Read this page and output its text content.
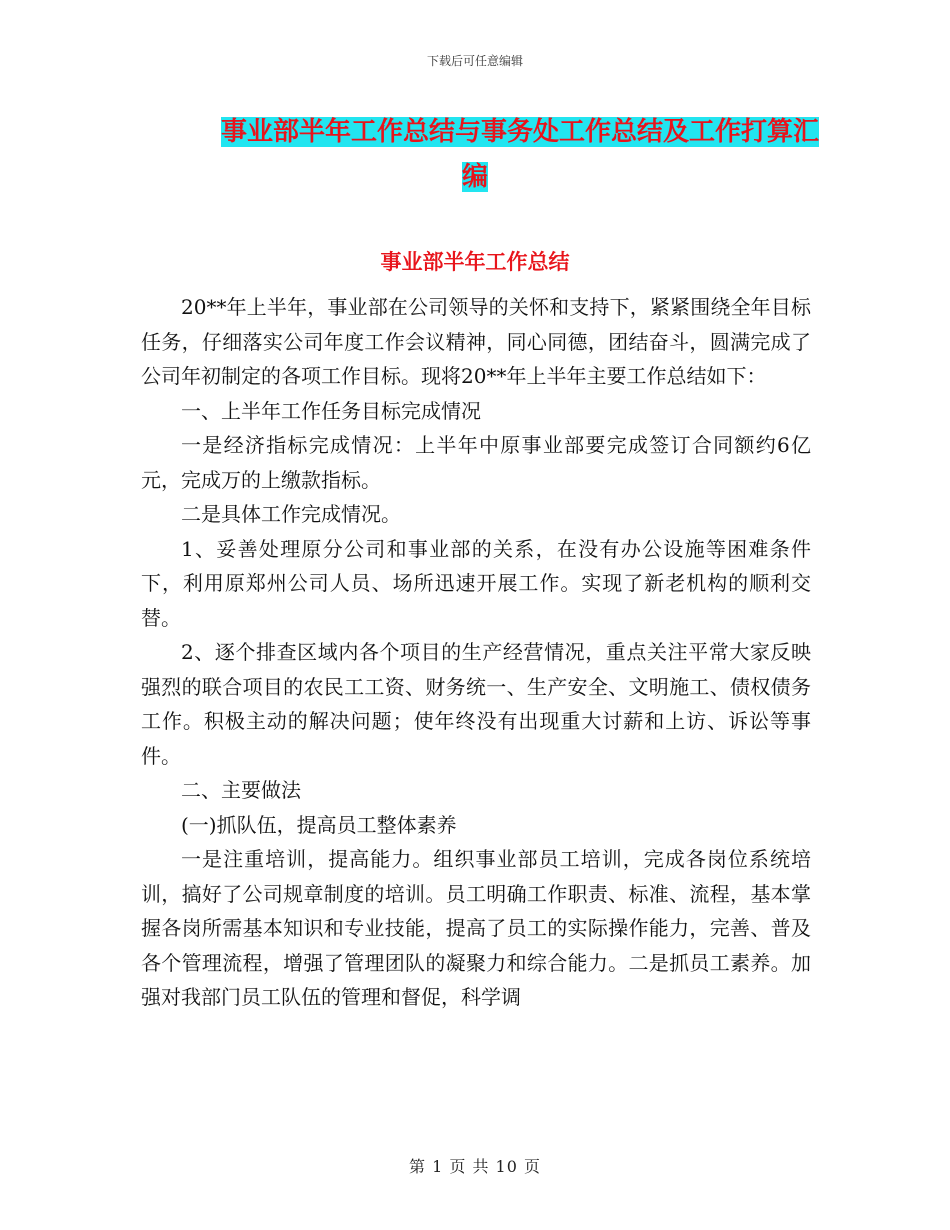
下载后可任意编辑
事业部半年工作总结与事务处工作总结及工作打算汇
编
事业部半年工作总结

20**年上半年，事业部在公司领导的关怀和支持下，紧紧围绕全年目标任务，仔细落实公司年度工作会议精神，同心同德，团结奋斗，圆满完成了公司年初制定的各项工作目标。现将20**年上半年主要工作总结如下：

一、上半年工作任务目标完成情况

一是经济指标完成情况：上半年中原事业部要完成签订合同额约6亿元，完成万的上缴款指标。

二是具体工作完成情况。

1、妥善处理原分公司和事业部的关系，在没有办公设施等困难条件下，利用原郑州公司人员、场所迅速开展工作。实现了新老机构的顺利交替。

2、逐个排查区域内各个项目的生产经营情况，重点关注平常大家反映强烈的联合项目的农民工工资、财务统一、生产安全、文明施工、债权债务工作。积极主动的解决问题；使年终没有出现重大讨薪和上访、诉讼等事件。

二、主要做法

(一)抓队伍，提高员工整体素养

一是注重培训，提高能力。组织事业部员工培训，完成各岗位系统培训，搞好了公司规章制度的培训。员工明确工作职责、标准、流程，基本掌握各岗所需基本知识和专业技能，提高了员工的实际操作能力，完善、普及各个管理流程，增强了管理团队的凝聚力和综合能力。二是抓员工素养。加强对我部门员工队伍的管理和督促，科学调

第 1 页 共 10 页
